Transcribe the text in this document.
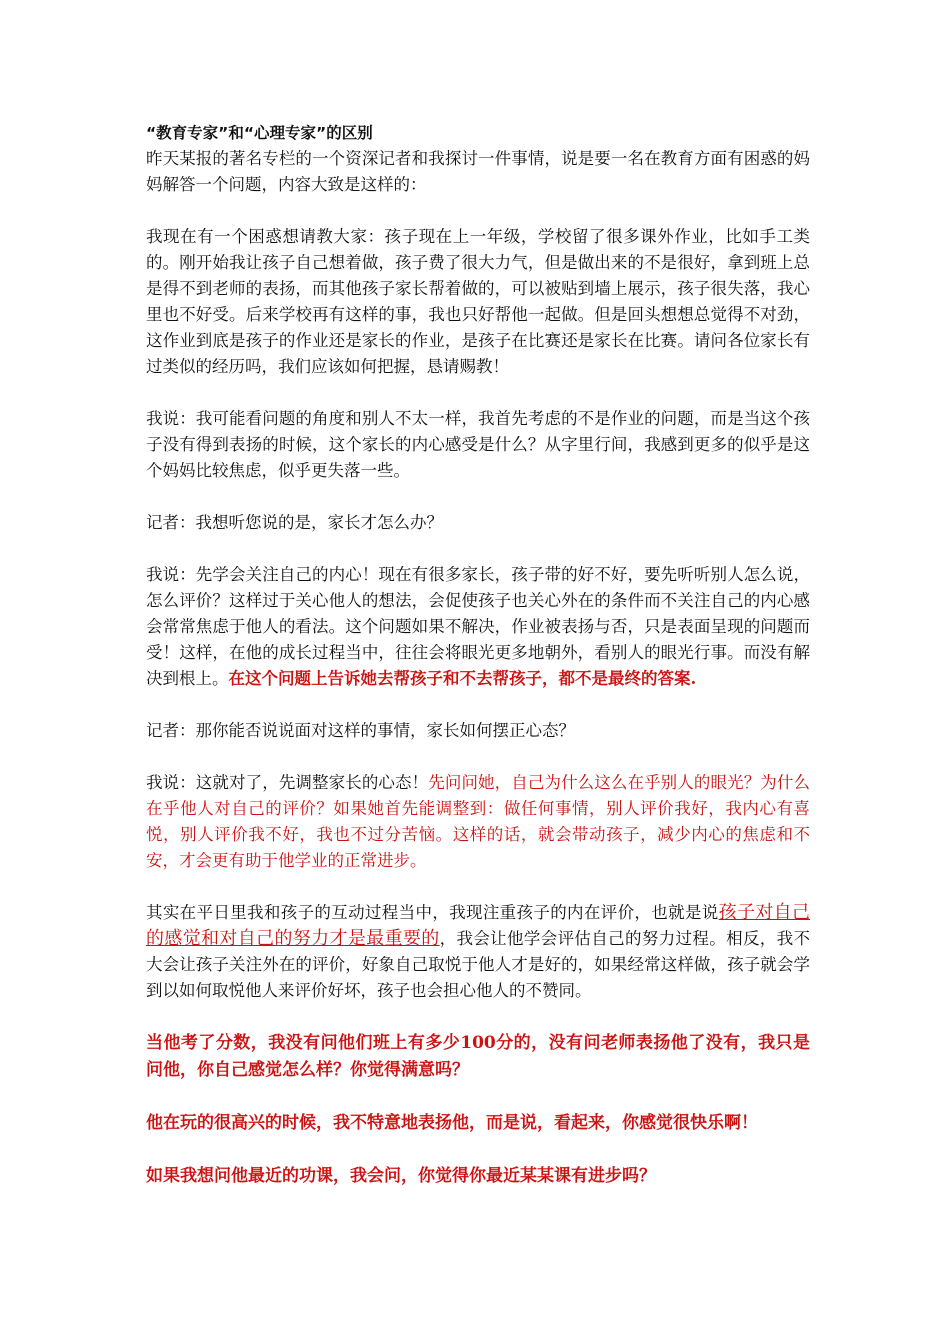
“教育专家”和“心理专家”的区别

昨天某报的著名专栏的一个资深记者和我探讨一件事情，说是要一名在教育方面有困惑的妈妈解答一个问题，内容大致是这样的：

我现在有一个困惑想请教大家：孩子现在上一年级，学校留了很多课外作业，比如手工类的。刚开始我让孩子自己想着做，孩子费了很大力气，但是做出来的不是很好，拿到班上总是得不到老师的表扬，而其他孩子家长帮着做的，可以被贴到墙上展示，孩子很失落，我心里也不好受。后来学校再有这样的事，我也只好帮他一起做。但是回头想想总觉得不对劲，这作业到底是孩子的作业还是家长的作业，是孩子在比赛还是家长在比赛。请问各位家长有过类似的经历吗，我们应该如何把握，恳请赐教！

我说：我可能看问题的角度和别人不太一样，我首先考虑的不是作业的问题，而是当这个孩子没有得到表扬的时候，这个家长的内心感受是什么？从字里行间，我感到更多的似乎是这个妈妈比较焦虑，似乎更失落一些。

记者：我想听您说的是，家长才怎么办？

我说：先学会关注自己的内心！现在有很多家长，孩子带的好不好，要先听听别人怎么说，怎么评价？这样过于关心他人的想法，会促使孩子也关心外在的条件而不关注自己的内心感会常常焦虑于他人的看法。这个问题如果不解决，作业被表扬与否，只是表面呈现的问题而受！这样，在他的成长过程当中，往往会将眼光更多地朝外，看别人的眼光行事。而没有解决到根上。在这个问题上告诉她去帮孩子和不去帮孩子，都不是最终的答案.

记者：那你能否说说面对这样的事情，家长如何摆正心态？

我说：这就对了，先调整家长的心态！先问问她，自己为什么这么在乎别人的眼光？为什么在乎他人对自己的评价？如果她首先能调整到：做任何事情，别人评价我好，我内心有喜悦，别人评价我不好，我也不过分苦恼。这样的话，就会带动孩子，减少内心的焦虑和不安，才会更有助于他学业的正常进步。

其实在平日里我和孩子的互动过程当中，我现注重孩子的内在评价，也就是说孩子对自己的感觉和对自己的努力才是最重要的，我会让他学会评估自己的努力过程。相反，我不大会让孩子关注外在的评价，好象自己取悦于他人才是好的，如果经常这样做，孩子就会学到以如何取悦他人来评价好坏，孩子也会担心他人的不赞同。

当他考了分数，我没有问他们班上有多少100分的，没有问老师表扬他了没有，我只是问他，你自己感觉怎么样？你觉得满意吗？

他在玩的很高兴的时候，我不特意地表扬他，而是说，看起来，你感觉很快乐啊！

如果我想问他最近的功课，我会问，你觉得你最近某某课有进步吗？
